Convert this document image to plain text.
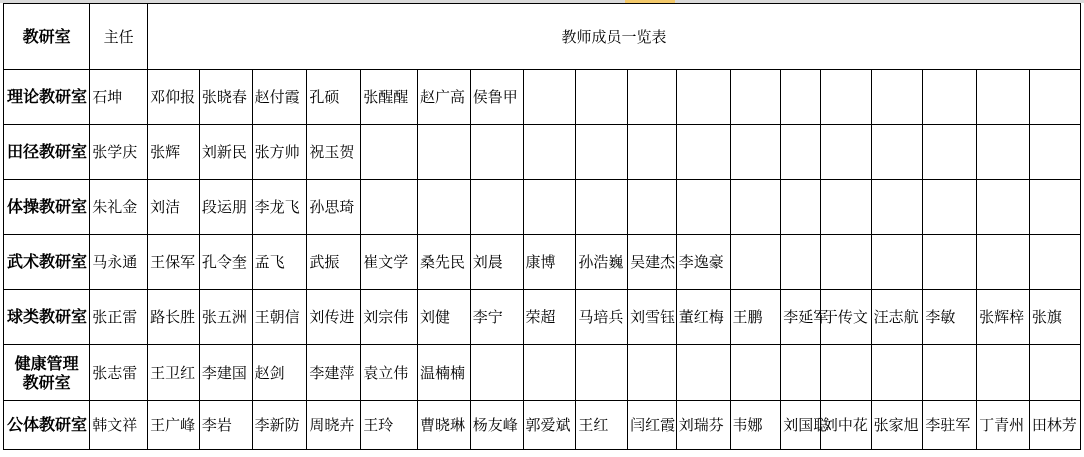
教研室	主任	教师成员一览表																	
理论教研室	石坤	邓仰报	张晓春	赵付霞	孔硕	张醒醒	赵广高	侯鲁甲											
田径教研室	张学庆	张辉	刘新民	张方帅	祝玉贺														
体操教研室	朱礼金	刘洁	段运朋	李龙飞	孙思琦														
武术教研室	马永通	王保军	孔令奎	孟飞	武振	崔文学	桑先民	刘晨	康博	孙浩巍	吴建杰	李逸豪							
球类教研室	张正雷	路长胜	张五洲	王朝信	刘传进	刘宗伟	刘健	李宁	荣超	马培兵	刘雪钰	董红梅	王鹏	李延军	于传文	汪志航	李敏	张辉梓	张旗
健康管理教研室	张志雷	王卫红	李建国	赵剑	李建萍	袁立伟	温楠楠												
公体教研室	韩文祥	王广峰	李岩	李新防	周晓卉	王玲	曹晓琳	杨友峰	郭爱斌	王红	闫红霞	刘瑞芬	韦娜	刘国聪	刘中花	张家旭	李驻军	丁青州	田林芳
